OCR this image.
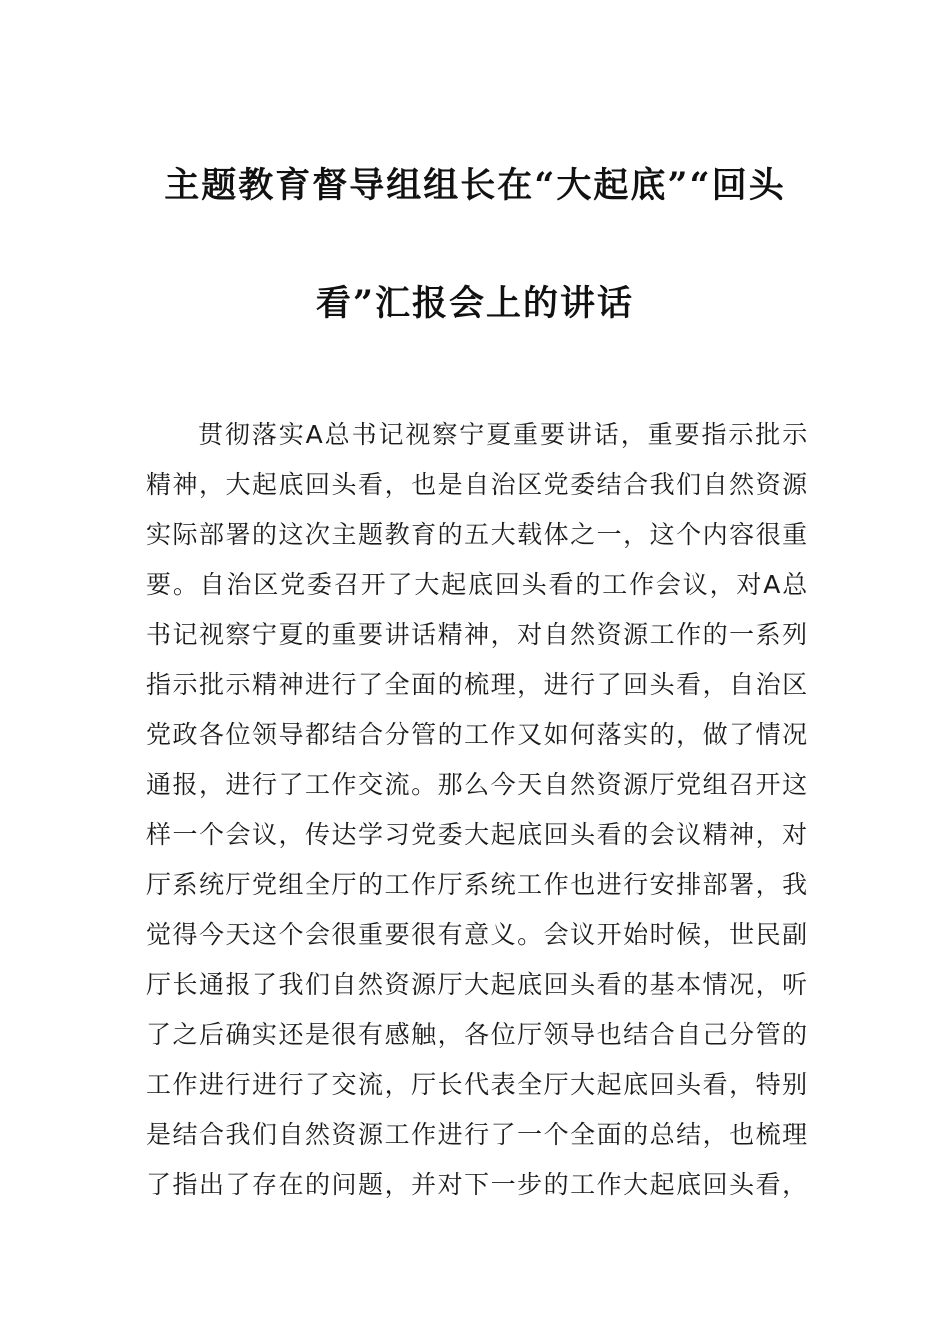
主题教育督导组组长在“大起底”“回头
看”汇报会上的讲话
贯彻落实A总书记视察宁夏重要讲话，重要指示批示
精神，大起底回头看，也是自治区党委结合我们自然资源
实际部署的这次主题教育的五大载体之一，这个内容很重
要。自治区党委召开了大起底回头看的工作会议，对A总
书记视察宁夏的重要讲话精神，对自然资源工作的一系列
指示批示精神进行了全面的梳理，进行了回头看，自治区
党政各位领导都结合分管的工作又如何落实的，做了情况
通报，进行了工作交流。那么今天自然资源厅党组召开这
样一个会议，传达学习党委大起底回头看的会议精神，对
厅系统厅党组全厅的工作厅系统工作也进行安排部署，我
觉得今天这个会很重要很有意义。会议开始时候，世民副
厅长通报了我们自然资源厅大起底回头看的基本情况，听
了之后确实还是很有感触，各位厅领导也结合自己分管的
工作进行进行了交流，厅长代表全厅大起底回头看，特别
是结合我们自然资源工作进行了一个全面的总结，也梳理
了指出了存在的问题，并对下一步的工作大起底回头看，
